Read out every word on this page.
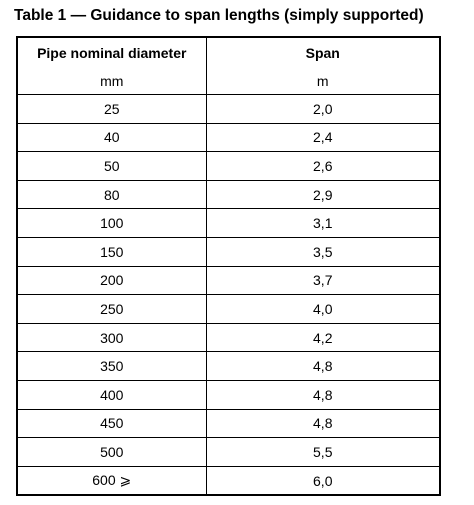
Table 1 — Guidance to span lengths (simply supported)
Pipe nominal diameter	Span
mm	m
25	2,0
40	2,4
50	2,6
80	2,9
100	3,1
150	3,5
200	3,7
250	4,0
300	4,2
350	4,8
400	4,8
450	4,8
500	5,5
600 ⩾	6,0
